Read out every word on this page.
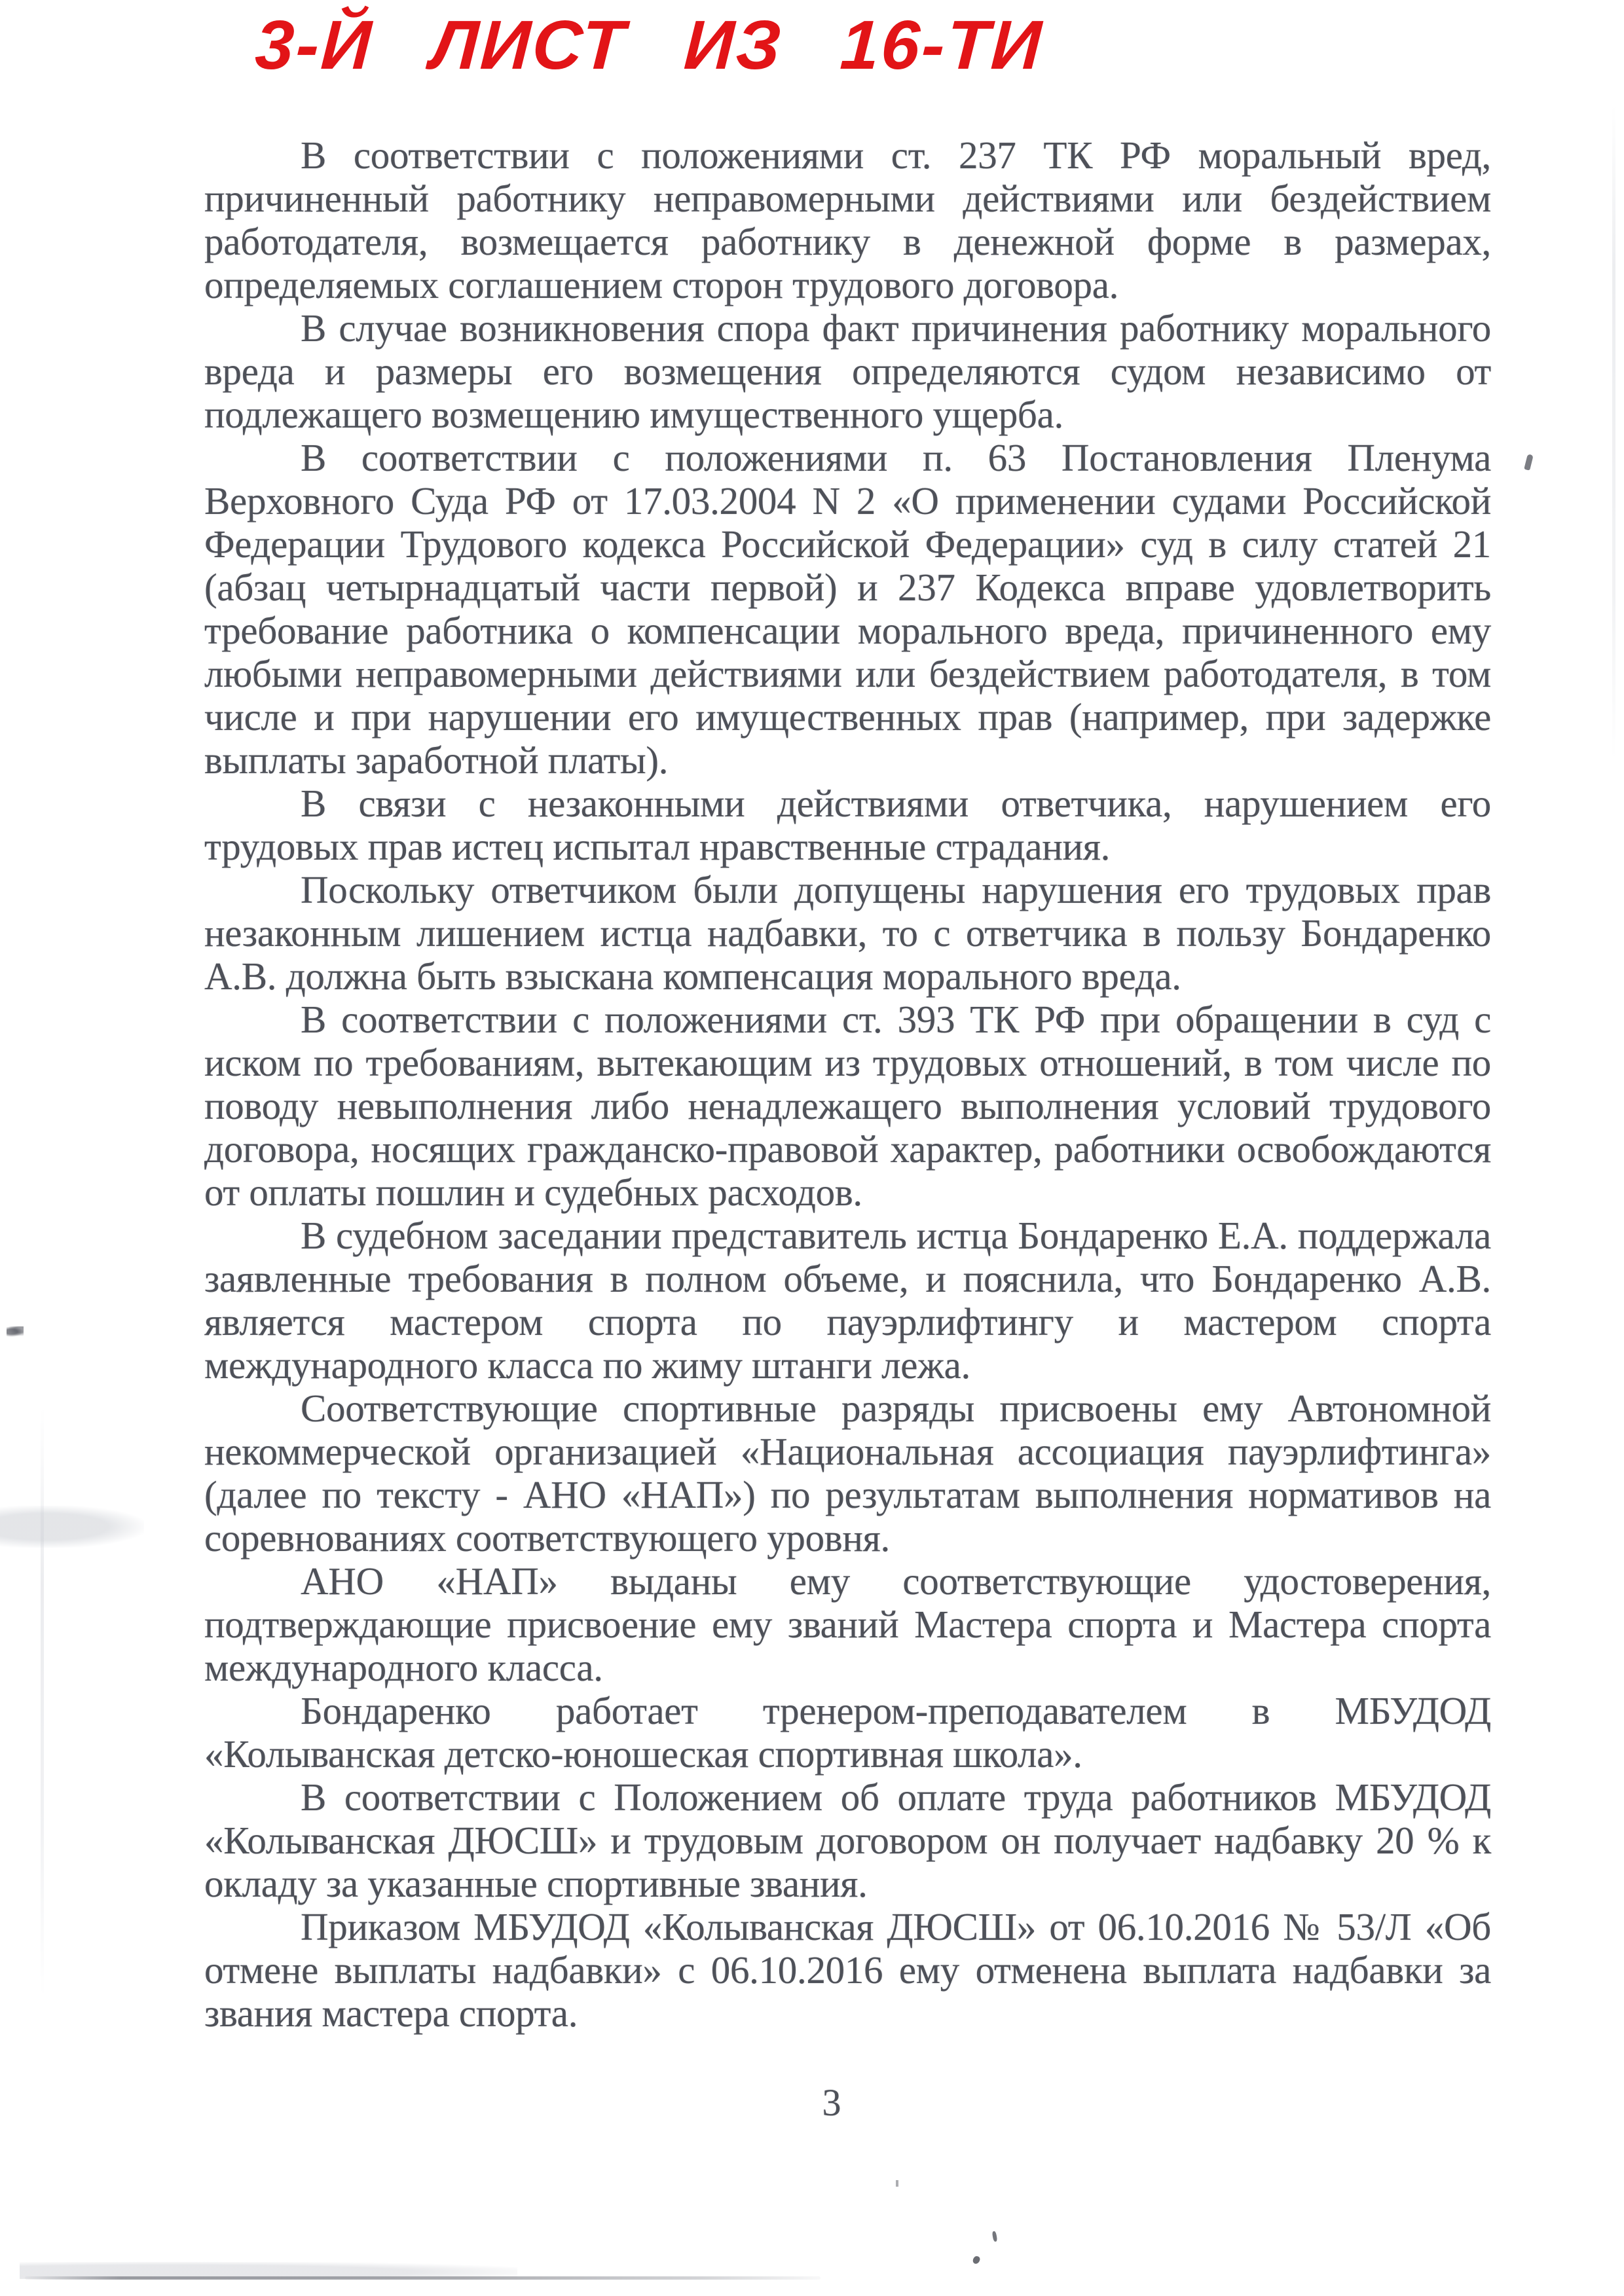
3-Й ЛИСТ ИЗ 16-ТИ

В соответствии с положениями ст. 237 ТК РФ моральный вред, причиненный работнику неправомерными действиями или бездействием работодателя, возмещается работнику в денежной форме в размерах, определяемых соглашением сторон трудового договора.

В случае возникновения спора факт причинения работнику морального вреда и размеры его возмещения определяются судом независимо от подлежащего возмещению имущественного ущерба.

В соответствии с положениями п. 63 Постановления Пленума Верховного Суда РФ от 17.03.2004 N 2 «О применении судами Российской Федерации Трудового кодекса Российской Федерации» суд в силу статей 21 (абзац четырнадцатый части первой) и 237 Кодекса вправе удовлетворить требование работника о компенсации морального вреда, причиненного ему любыми неправомерными действиями или бездействием работодателя, в том числе и при нарушении его имущественных прав (например, при задержке выплаты заработной платы).

В связи с незаконными действиями ответчика, нарушением его трудовых прав истец испытал нравственные страдания.

Поскольку ответчиком были допущены нарушения его трудовых прав незаконным лишением истца надбавки, то с ответчика в пользу Бондаренко А.В. должна быть взыскана компенсация морального вреда.

В соответствии с положениями ст. 393 ТК РФ при обращении в суд с иском по требованиям, вытекающим из трудовых отношений, в том числе по поводу невыполнения либо ненадлежащего выполнения условий трудового договора, носящих гражданско-правовой характер, работники освобождаются от оплаты пошлин и судебных расходов.

В судебном заседании представитель истца Бондаренко Е.А. поддержала заявленные требования в полном объеме, и пояснила, что Бондаренко А.В. является мастером спорта по пауэрлифтингу и мастером спорта международного класса по жиму штанги лежа.

Соответствующие спортивные разряды присвоены ему Автономной некоммерческой организацией «Национальная ассоциация пауэрлифтинга» (далее по тексту - АНО «НАП») по результатам выполнения нормативов на соревнованиях соответствующего уровня.

АНО «НАП» выданы ему соответствующие удостоверения, подтверждающие присвоение ему званий Мастера спорта и Мастера спорта международного класса.

Бондаренко работает тренером-преподавателем в МБУДОД «Колыванская детско-юношеская спортивная школа».

В соответствии с Положением об оплате труда работников МБУДОД «Колыванская ДЮСШ» и трудовым договором он получает надбавку 20 % к окладу за указанные спортивные звания.

Приказом МБУДОД «Колыванская ДЮСШ» от 06.10.2016 № 53/Л «Об отмене выплаты надбавки» с 06.10.2016 ему отменена выплата надбавки за звания мастера спорта.

3
